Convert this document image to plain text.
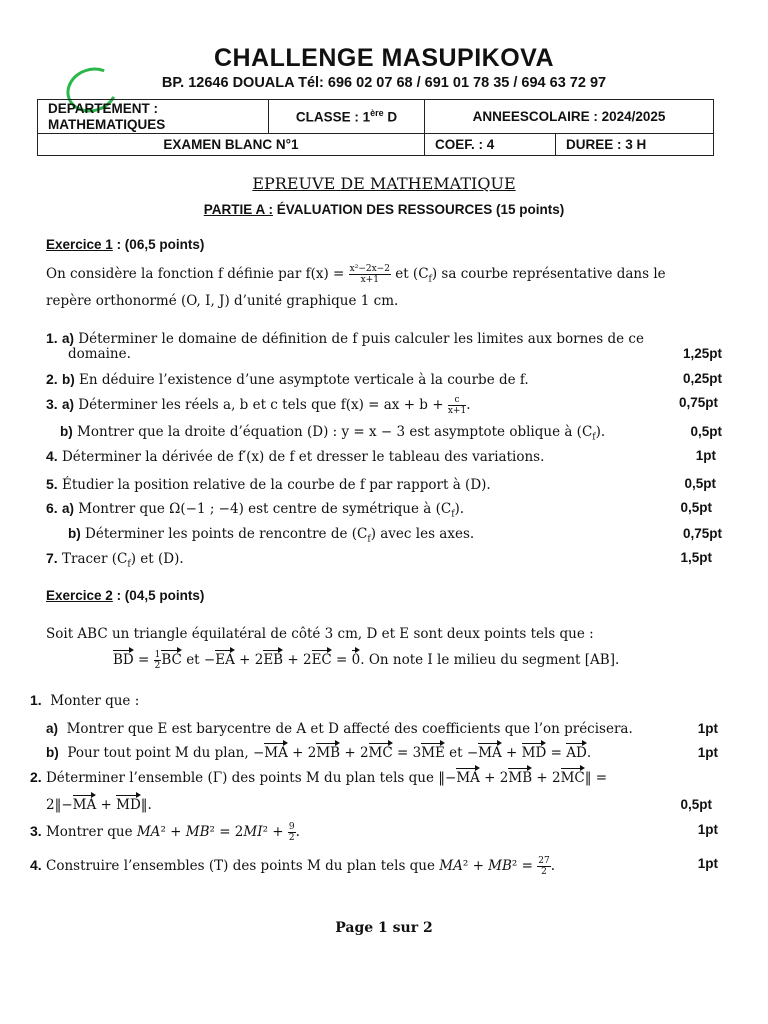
CHALLENGE MASUPIKOVA
BP. 12646 DOUALA Tél: 696 02 07 68 / 691 01 78 35 / 694 63 72 97
DEPARTEMENT : MATHEMATIQUES	CLASSE : 1ère D	ANNEESCOLAIRE : 2024/2025	
EXAMEN BLANC N°1		COEF. : 4	DUREE : 3 H
EPREUVE DE MATHEMATIQUE
PARTIE A : ÉVALUATION DES RESSOURCES (15 points)
Exercice 1 : (06,5 points)
On considère la fonction f définie par $f(x) = \frac{\text{x²−2x−2}}{x+1}$ et $(C_f)$ sa courbe représentative dans le
repère orthonormé (O, I, J) d’unité graphique 1 cm.
1. a) Déterminer le domaine de définition de f puis calculer les limites aux bornes de ce
domaine.	1,25pt
2. b) En déduire l’existence d’une asymptote verticale à la courbe de f.	0,25pt
3. a) Déterminer les réels a, b et c tels que f(x) = ax + $b + \frac{c}{x+1}$ .	0,75pt
b) Montrer que la droite d’équation (D) : y = x − 3 est asymptote oblique à $(C_f)$.	0,5pt
4. Déterminer la dérivée de f′(x) de f et dresser le tableau des variations.	1pt
5. Étudier la position relative de la courbe de f par rapport à (D).	0,5pt
6. a) Montrer que Ω(−1 ; −4) est centre de symétrique à $(C_f)$.	0,5pt
b) Déterminer les points de rencontre de $(C_f)$ avec les axes.	0,75pt
7. Tracer $(C_f)$ et (D).	1,5pt
Exercice 2 : (04,5 points)
Soit ABC un triangle équilatéral de côté 3 cm, D et E sont deux points tels que :
BD = $\frac{1}{2}$ BC et −EA + 2EB + 2EC = 0. On note I le milieu du segment [AB].
1. Monter que :
a) Montrer que E est barycentre de A et D affecté des coefficients que l’on précisera.	1pt
b) Pour tout point M du plan, −MA + 2MB + 2MC = 3ME et −MA + MD = AD.	1pt
2. Déterminer l’ensemble (Γ) des points M du plan tels que ‖−MA + 2MB + 2MC‖ =
2‖−MA + MD‖.	0,5pt
3. Montrer que $MA^2 + MB^2 = 2MI^2 + \frac{9}{2}$ .	1pt
4. Construire l’ensembles (T) des points M du plan tels que $MA^2 + MB^2 = \frac{27}{2}$ .	1pt
Page 1 sur 2
